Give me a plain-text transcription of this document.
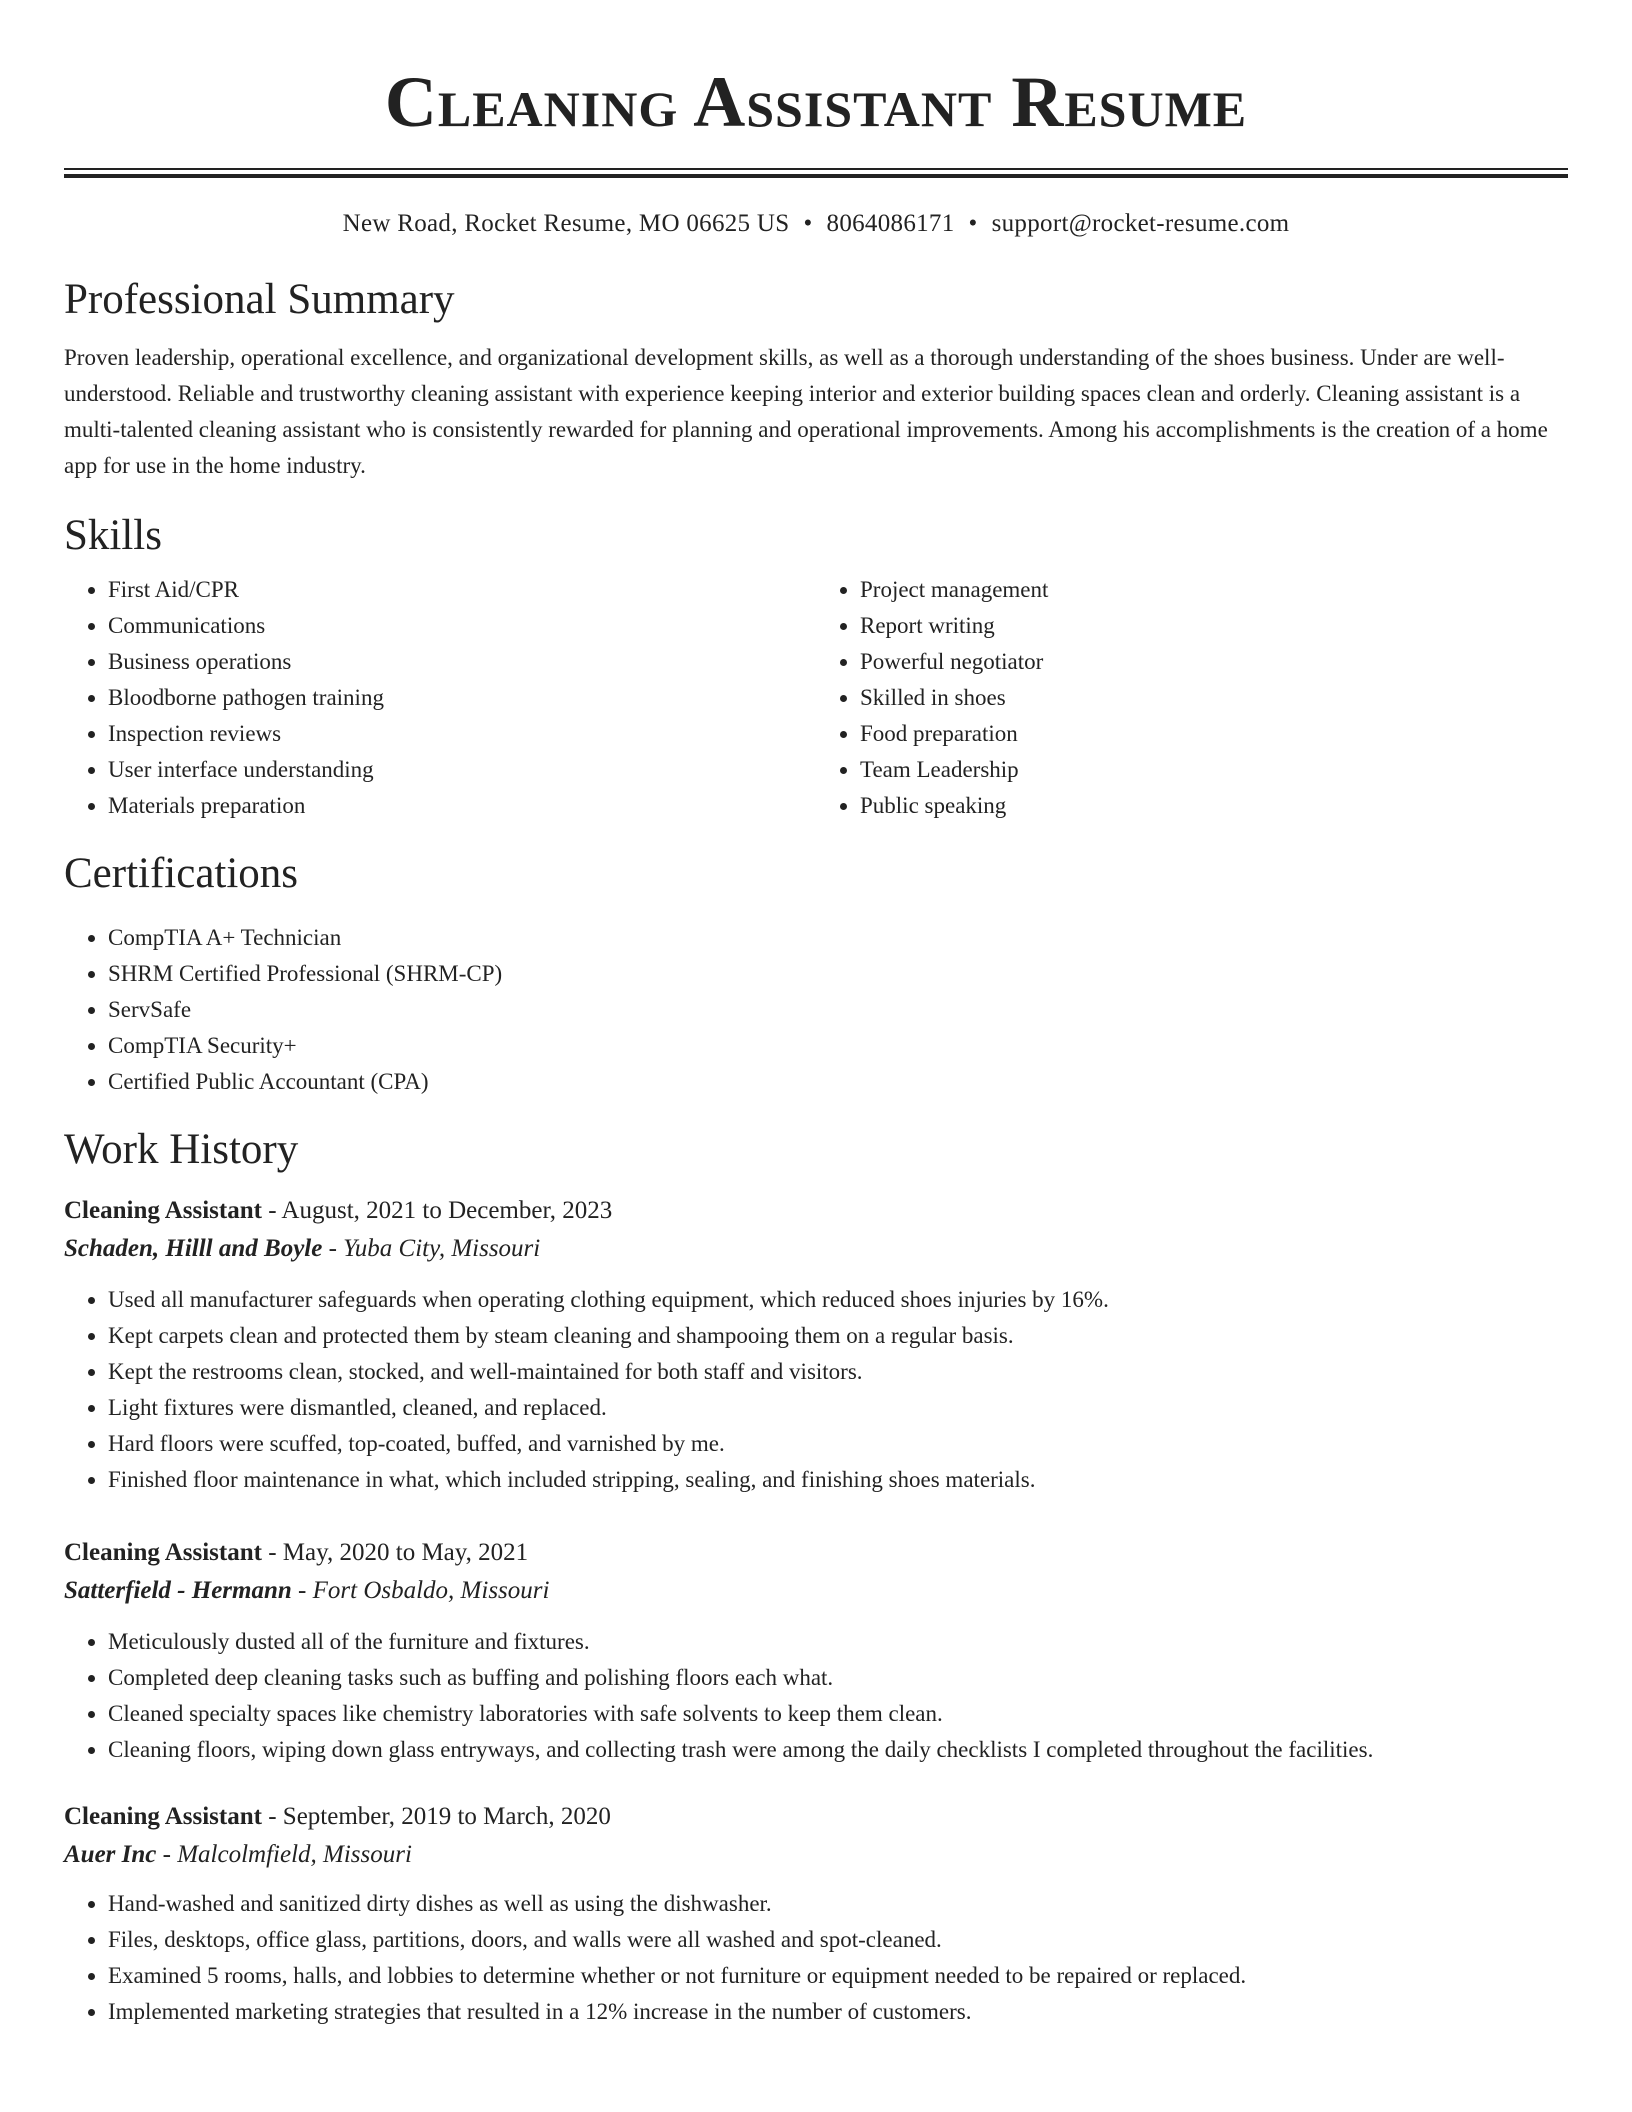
Cleaning Assistant Resume
New Road, Rocket Resume, MO 06625 US • 8064086171 • support@rocket-resume.com
Professional Summary

Proven leadership, operational excellence, and organizational development skills, as well as a thorough understanding of the shoes business. Under are well-understood. Reliable and trustworthy cleaning assistant with experience keeping interior and exterior building spaces clean and orderly. Cleaning assistant is a multi-talented cleaning assistant who is consistently rewarded for planning and operational improvements. Among his accomplishments is the creation of a home app for use in the home industry.

Skills
• First Aid/CPR
• Communications
• Business operations
• Bloodborne pathogen training
• Inspection reviews
• User interface understanding
• Materials preparation
• Project management
• Report writing
• Powerful negotiator
• Skilled in shoes
• Food preparation
• Team Leadership
• Public speaking
Certifications
• CompTIA A+ Technician
• SHRM Certified Professional (SHRM-CP)
• ServSafe
• CompTIA Security+
• Certified Public Accountant (CPA)
Work History
Cleaning Assistant - August, 2021 to December, 2023
Schaden, Hilll and Boyle - Yuba City, Missouri
• Used all manufacturer safeguards when operating clothing equipment, which reduced shoes injuries by 16%.
• Kept carpets clean and protected them by steam cleaning and shampooing them on a regular basis.
• Kept the restrooms clean, stocked, and well-maintained for both staff and visitors.
• Light fixtures were dismantled, cleaned, and replaced.
• Hard floors were scuffed, top-coated, buffed, and varnished by me.
• Finished floor maintenance in what, which included stripping, sealing, and finishing shoes materials.
Cleaning Assistant - May, 2020 to May, 2021
Satterfield - Hermann - Fort Osbaldo, Missouri
• Meticulously dusted all of the furniture and fixtures.
• Completed deep cleaning tasks such as buffing and polishing floors each what.
• Cleaned specialty spaces like chemistry laboratories with safe solvents to keep them clean.
• Cleaning floors, wiping down glass entryways, and collecting trash were among the daily checklists I completed throughout the facilities.
Cleaning Assistant - September, 2019 to March, 2020
Auer Inc - Malcolmfield, Missouri
• Hand-washed and sanitized dirty dishes as well as using the dishwasher.
• Files, desktops, office glass, partitions, doors, and walls were all washed and spot-cleaned.
• Examined 5 rooms, halls, and lobbies to determine whether or not furniture or equipment needed to be repaired or replaced.
• Implemented marketing strategies that resulted in a 12% increase in the number of customers.
